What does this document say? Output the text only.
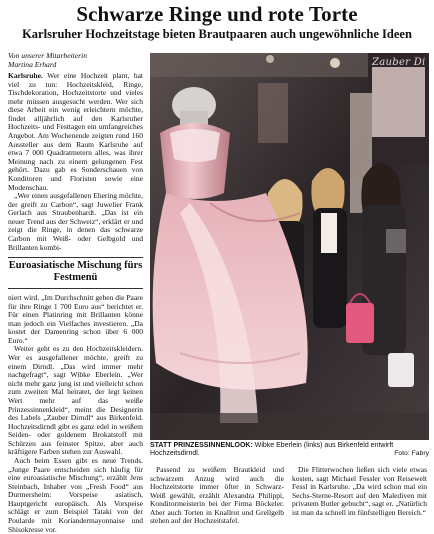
Schwarze Ringe und rote Torte
Karlsruher Hochzeitstage bieten Brautpaaren auch ungewöhnliche Ideen
Von unserer Mitarbeiterin
Martina Erhard

Karlsruhe. Wer eine Hochzeit plant, hat viel zu tun: Hochzeitskleid, Ringe, Tischdekoration, Hochzeitstorte und vieles mehr müssen ausgesucht werden. Wer sich diese Arbeit ein wenig erleichtern möchte, findet alljährlich auf den Karlsruher Hochzeits- und Festtagen ein umfangreiches Angebot. Am Wochenende zeigten rund 160 Aussteller aus dem Raum Karlsruhe auf etwa 7 000 Quadratmetern alles, was ihrer Meinung nach zu einem gelungenen Fest gehört. Dazu gab es Sonderschauen von Konditoren und Floristen sowie eine Modenschau.

„Wer einen ausgefallenen Ehering möchte, der greift zu Carbon“, sagt Juwelier Frank Gerlach aus Straubenhardt. „Das ist ein neuer Trend aus der Schweiz“, erklärt er und zeigt die Ringe, in denen das schwarze Carbon mit Weiß- oder Gelbgold und Brillanten kombi-

Euroasiatische Mischung fürs Festmenü

niert wird. „Im Durchschnitt geben die Paare für ihre Ringe 1 700 Euro aus“ berichtet er. Für einen Platinring mit Brillanten könne man jedoch ein Vielfaches investieren. „Da kostet der Damenring schon über 6 000 Euro.“

Weiter geht es zu den Hochzeitskleidern. Wer es ausgefallener möchte, greift zu einem Dirndl. „Das wird immer mehr nachgefragt“, sagt Wibke Eberlein. „Wer nicht mehr ganz jung ist und vielleicht schon zum zweiten Mal heiratet, der legt keinen Wert mehr auf das weiße Prinzessinnenkleid“, meint die Designerin des Labels „Zauber Dirndl“ aus Birkenfeld. Hochzeitsdirndl gibt es ganz edel in weißem Seiden- oder goldenem Brokatstoff mit Schürzen aus feinster Spitze, aber auch kräftigere Farben stehen zur Auswahl.

Auch beim Essen gibt es neue Trends. „Junge Paare entscheiden sich häufig für eine euroasiatische Mischung“, erzählt Jens Steinbach, Inhaber von „Fresh Food“ aus Durmersheim: Vorspeise asiatisch, Hauptgericht europäisch. Als Vorspeise schlägt er zum Beispiel Tataki von der Poularde mit Koriandermayonnaise und Shisokresse vor.

Zauber Di
STATT PRINZESSINNENLOOK: Wibke Eberlein (links) aus Birkenfeld entwirft Hochzeitsdirndl.	Foto: Fabry

Passend zu weißem Brautkleid und schwarzem Anzug wird auch die Hochzeitstorte immer öfter in Schwarz-Weiß gewählt, erzählt Alexandra Philippi, Konditormeisterin bei der Firma Böckeler. Aber auch Torten in Knallrot und Grellgelb stehen auf der Hochzeitstafel.

Die Flitterwochen ließen sich viele etwas kosten, sagt Michael Fessler von Reisewelt Fessl in Karlsruhe. „Da wird schon mal ein Sechs-Sterne-Resort auf den Malediven mit privatem Butler gebucht“, sagt er. „Natürlich ist man da schnell im fünfstelligen Bereich.“
